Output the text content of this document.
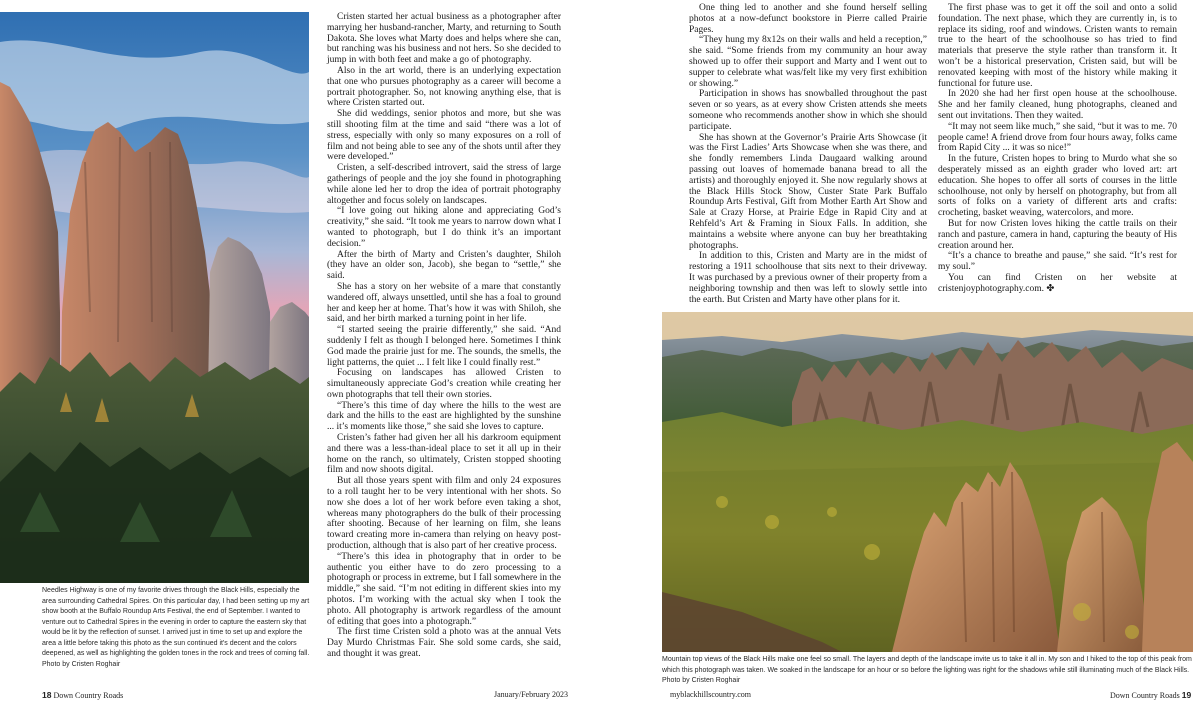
Needles Highway is one of my favorite drives through the Black Hills, especially the area surrounding Cathedral Spires. On this particular day, I had been setting up my art show booth at the Buffalo Roundup Arts Festival, the end of September. I wanted to venture out to Cathedral Spires in the evening in order to capture the eastern sky that would be lit by the reflection of sunset. I arrived just in time to set up and explore the area a little before taking this photo as the sun continued it's decent and the colors deepened, as well as highlighting the golden tones in the rock and trees of coming fall. Photo by Cristen Roghair

Cristen started her actual business as a photographer after marrying her husband-rancher, Marty, and returning to South Dakota. She loves what Marty does and helps where she can, but ranching was his business and not hers. So she decided to jump in with both feet and make a go of photography.

Also in the art world, there is an underlying expectation that one who pursues photography as a career will become a portrait photographer. So, not knowing anything else, that is where Cristen started out.

She did weddings, senior photos and more, but she was still shooting film at the time and said “there was a lot of stress, especially with only so many exposures on a roll of film and not being able to see any of the shots until after they were developed.”

Cristen, a self-described introvert, said the stress of large gatherings of people and the joy she found in photographing while alone led her to drop the idea of portrait photography altogether and focus solely on landscapes.

“I love going out hiking alone and appreciating God’s creativity,” she said. “It took me years to narrow down what I wanted to photograph, but I do think it’s an important decision.”

After the birth of Marty and Cristen’s daughter, Shiloh (they have an older son, Jacob), she began to “settle,” she said.

She has a story on her website of a mare that constantly wandered off, always unsettled, until she has a foal to ground her and keep her at home. That’s how it was with Shiloh, she said, and her birth marked a turning point in her life.

“I started seeing the prairie differently,” she said. “And suddenly I felt as though I belonged here. Sometimes I think God made the prairie just for me. The sounds, the smells, the light patterns, the quiet ... I felt like I could finally rest.”

Focusing on landscapes has allowed Cristen to simultaneously appreciate God’s creation while creating her own photographs that tell their own stories.

“There’s this time of day where the hills to the west are dark and the hills to the east are highlighted by the sunshine ... it’s moments like those,” she said she loves to capture.

Cristen’s father had given her all his darkroom equipment and there was a less-than-ideal place to set it all up in their home on the ranch, so ultimately, Cristen stopped shooting film and now shoots digital.

But all those years spent with film and only 24 exposures to a roll taught her to be very intentional with her shots. So now she does a lot of her work before even taking a shot, whereas many photographers do the bulk of their processing after shooting. Because of her learning on film, she leans toward creating more in-camera than relying on heavy post-production, although that is also part of her creative process.

“There’s this idea in photography that in order to be authentic you either have to do zero processing to a photograph or process in extreme, but I fall somewhere in the middle,” she said. “I’m not editing in different skies into my photos. I’m working with the actual sky when I took the photo. All photography is artwork regardless of the amount of editing that goes into a photograph.”

The first time Cristen sold a photo was at the annual Vets Day Murdo Christmas Fair. She sold some cards, she said, and thought it was great.

One thing led to another and she found herself selling photos at a now-defunct bookstore in Pierre called Prairie Pages.

“They hung my 8x12s on their walls and held a reception,” she said. “Some friends from my community an hour away showed up to offer their support and Marty and I went out to supper to celebrate what was/felt like my very first exhibition or showing.”

Participation in shows has snowballed throughout the past seven or so years, as at every show Cristen attends she meets someone who recommends another show in which she should participate.

She has shown at the Governor’s Prairie Arts Showcase (it was the First Ladies’ Arts Showcase when she was there, and she fondly remembers Linda Daugaard walking around passing out loaves of homemade banana bread to all the artists) and thoroughly enjoyed it. She now regularly shows at the Black Hills Stock Show, Custer State Park Buffalo Roundup Arts Festival, Gift from Mother Earth Art Show and Sale at Crazy Horse, at Prairie Edge in Rapid City and at Rehfeld’s Art & Framing in Sioux Falls. In addition, she maintains a website where anyone can buy her breathtaking photographs.

In addition to this, Cristen and Marty are in the midst of restoring a 1911 schoolhouse that sits next to their driveway. It was purchased by a previous owner of their property from a neighboring township and then was left to slowly settle into the earth. But Cristen and Marty have other plans for it.

The first phase was to get it off the soil and onto a solid foundation. The next phase, which they are currently in, is to replace its siding, roof and windows. Cristen wants to remain true to the heart of the schoolhouse so has tried to find materials that preserve the style rather than transform it. It won’t be a historical preservation, Cristen said, but will be renovated keeping with most of the history while making it functional for future use.

In 2020 she had her first open house at the schoolhouse. She and her family cleaned, hung photographs, cleaned and sent out invitations. Then they waited.

“It may not seem like much,” she said, “but it was to me. 70 people came! A friend drove from four hours away, folks came from Rapid City ... it was so nice!”

In the future, Cristen hopes to bring to Murdo what she so desperately missed as an eighth grader who loved art: art education. She hopes to offer all sorts of courses in the little schoolhouse, not only by herself on photography, but from all sorts of folks on a variety of different arts and crafts: crocheting, basket weaving, watercolors, and more.

But for now Cristen loves hiking the cattle trails on their ranch and pasture, camera in hand, capturing the beauty of His creation around her.

“It’s a chance to breathe and pause,” she said. “It’s rest for my soul.”

You can find Cristen on her website at cristenjoyphotography.com. ✤

Mountain top views of the Black Hills make one feel so small. The layers and depth of the landscape invite us to take it all in. My son and I hiked to the top of this peak from which this photograph was taken. We soaked in the landscape for an hour or so before the lighting was right for the shadows while still illuminating much of the Black Hills. Photo by Cristen Roghair
18 Down Country Roads	January/February 2023	myblackhillscountry.com	Down Country Roads 19
